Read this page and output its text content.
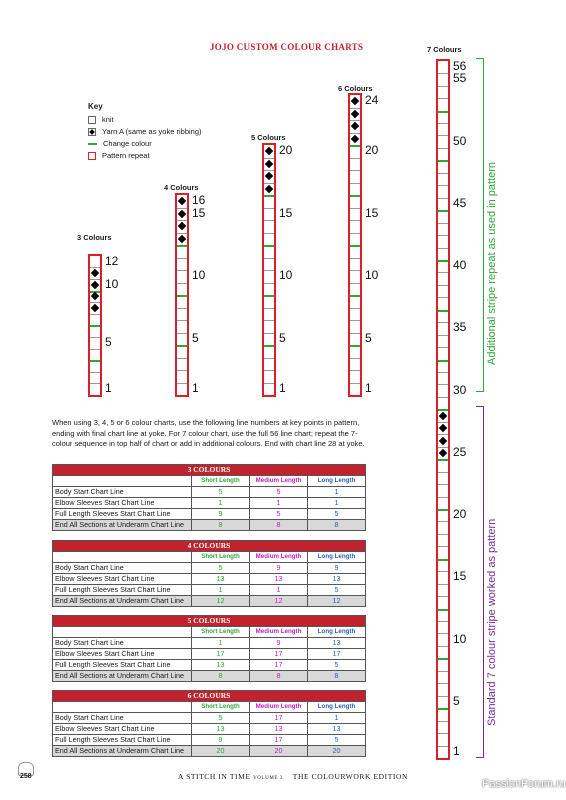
JOJO CUSTOM COLOUR CHARTS
Key
knit
Yarn A (same as yoke ribbing)
Change colour
Pattern repeat
3 Colours
12
10
5
1
4 Colours
16
15
10
5
1
5 Colours
20
15
10
5
1
6 Colours
24
20
15
10
5
1
7 Colours
56
55
50
45
40
35
30
25
20
15
10
5
1
Additional stripe repeat as used in pattern
Standard 7 colour stripe worked as pattern
When using 3, 4, 5 or 6 colour charts, use the following line numbers at key points in pattern, ending with final chart line at yoke. For 7 colour chart, use the full 56 line chart; repeat the 7-colour sequence in top half of chart or add in additional colours. End with chart line 28 at yoke.
3 COLOURS			
	Short Length	Medium Length	Long Length
Body Start Chart Line	5	5	1
Elbow Sleeves Start Chart Line	1	1	1
Full Length Sleeves Start Chart Line	9	5	5
End All Sections at Underarm Chart Line	8	8	8
4 COLOURS			
	Short Length	Medium Length	Long Length
Body Start Chart Line	5	9	9
Elbow Sleeves Start Chart Line	13	13	13
Full Length Sleeves Start Chart Line	1	1	5
End All Sections at Underarm Chart Line	12	12	12
5 COLOURS			
	Short Length	Medium Length	Long Length
Body Start Chart Line	1	9	13
Elbow Sleeves Start Chart Line	17	17	17
Full Length Sleeves Start Chart Line	13	17	5
End All Sections at Underarm Chart Line	8	8	8
6 COLOURS			
	Short Length	Medium Length	Long Length
Body Start Chart Line	5	17	1
Elbow Sleeves Start Chart Line	13	13	13
Full Length Sleeves Start Chart Line	9	17	5
End All Sections at Underarm Chart Line	20	20	20
258	A STITCH IN TIME VOLUME 3 THE COLOURWORK EDITION
PassionForum.ru
